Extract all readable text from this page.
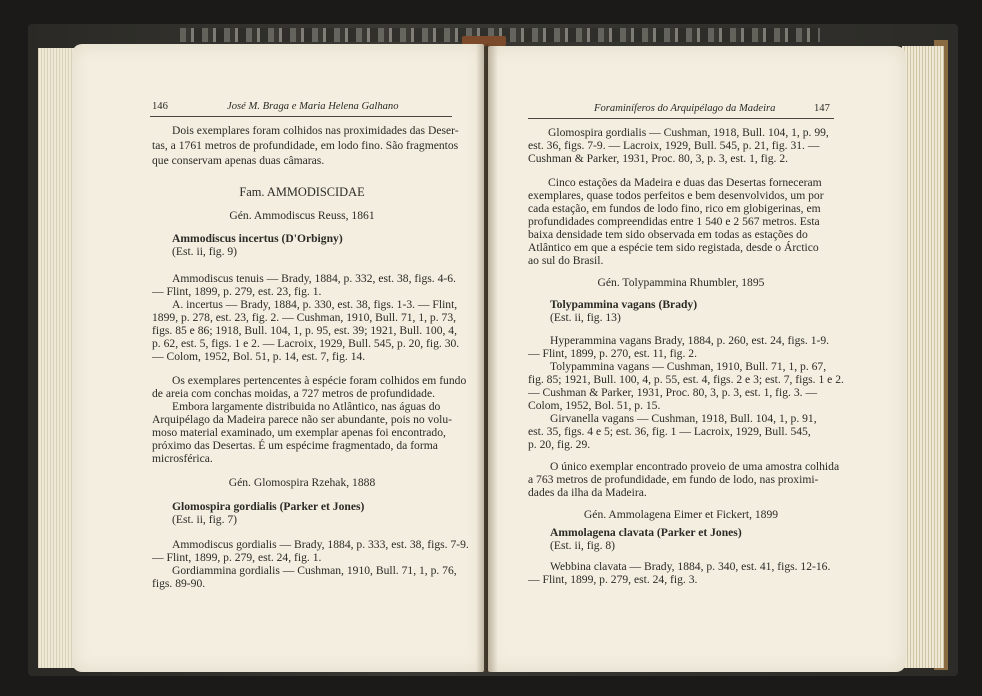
146	José M. Braga e Maria Helena Galhano
Dois exemplares foram colhidos nas proximidades das Deser-
tas, a 1761 metros de profundidade, em lodo fino. São fragmentos
que conservam apenas duas câmaras.
Fam. AMMODISCIDAE
Gén. Ammodiscus Reuss, 1861
Ammodiscus incertus (D'Orbigny)
(Est. ii, fig. 9)
Ammodiscus tenuis — Brady, 1884, p. 332, est. 38, figs. 4-6.
— Flint, 1899, p. 279, est. 23, fig. 1.
A. incertus — Brady, 1884, p. 330, est. 38, figs. 1-3. — Flint,
1899, p. 278, est. 23, fig. 2. — Cushman, 1910, Bull. 71, 1, p. 73,
figs. 85 e 86; 1918, Bull. 104, 1, p. 95, est. 39; 1921, Bull. 100, 4,
p. 62, est. 5, figs. 1 e 2. — Lacroix, 1929, Bull. 545, p. 20, fig. 30.
— Colom, 1952, Bol. 51, p. 14, est. 7, fig. 14.
Os exemplares pertencentes à espécie foram colhidos em fundo
de areia com conchas moidas, a 727 metros de profundidade.
Embora largamente distribuida no Atlântico, nas águas do
Arquipélago da Madeira parece não ser abundante, pois no volu-
moso material examinado, um exemplar apenas foi encontrado,
próximo das Desertas. É um espécime fragmentado, da forma
microsférica.
Gén. Glomospira Rzehak, 1888
Glomospira gordialis (Parker et Jones)
(Est. ii, fig. 7)
Ammodiscus gordialis — Brady, 1884, p. 333, est. 38, figs. 7-9.
— Flint, 1899, p. 279, est. 24, fig. 1.
Gordiammina gordialis — Cushman, 1910, Bull. 71, 1, p. 76,
figs. 89-90.
Foraminíferos do Arquipélago da Madeira	147
Glomospira gordialis — Cushman, 1918, Bull. 104, 1, p. 99,
est. 36, figs. 7-9. — Lacroix, 1929, Bull. 545, p. 21, fig. 31. —
Cushman & Parker, 1931, Proc. 80, 3, p. 3, est. 1, fig. 2.
Cinco estações da Madeira e duas das Desertas forneceram
exemplares, quase todos perfeitos e bem desenvolvidos, um por
cada estação, em fundos de lodo fino, rico em globigerinas, em
profundidades compreendidas entre 1 540 e 2 567 metros. Esta
baixa densidade tem sido observada em todas as estações do
Atlântico em que a espécie tem sido registada, desde o Árctico
ao sul do Brasil.
Gén. Tolypammina Rhumbler, 1895
Tolypammina vagans (Brady)
(Est. ii, fig. 13)
Hyperammina vagans Brady, 1884, p. 260, est. 24, figs. 1-9.
— Flint, 1899, p. 270, est. 11, fig. 2.
Tolypammina vagans — Cushman, 1910, Bull. 71, 1, p. 67,
fig. 85; 1921, Bull. 100, 4, p. 55, est. 4, figs. 2 e 3; est. 7, figs. 1 e 2.
— Cushman & Parker, 1931, Proc. 80, 3, p. 3, est. 1, fig. 3. —
Colom, 1952, Bol. 51, p. 15.
Girvanella vagans — Cushman, 1918, Bull. 104, 1, p. 91,
est. 35, figs. 4 e 5; est. 36, fig. 1 — Lacroix, 1929, Bull. 545,
p. 20, fig. 29.
O único exemplar encontrado proveio de uma amostra colhida
a 763 metros de profundidade, em fundo de lodo, nas proximi-
dades da ilha da Madeira.
Gén. Ammolagena Eimer et Fickert, 1899
Ammolagena clavata (Parker et Jones)
(Est. ii, fig. 8)
Webbina clavata — Brady, 1884, p. 340, est. 41, figs. 12-16.
— Flint, 1899, p. 279, est. 24, fig. 3.
